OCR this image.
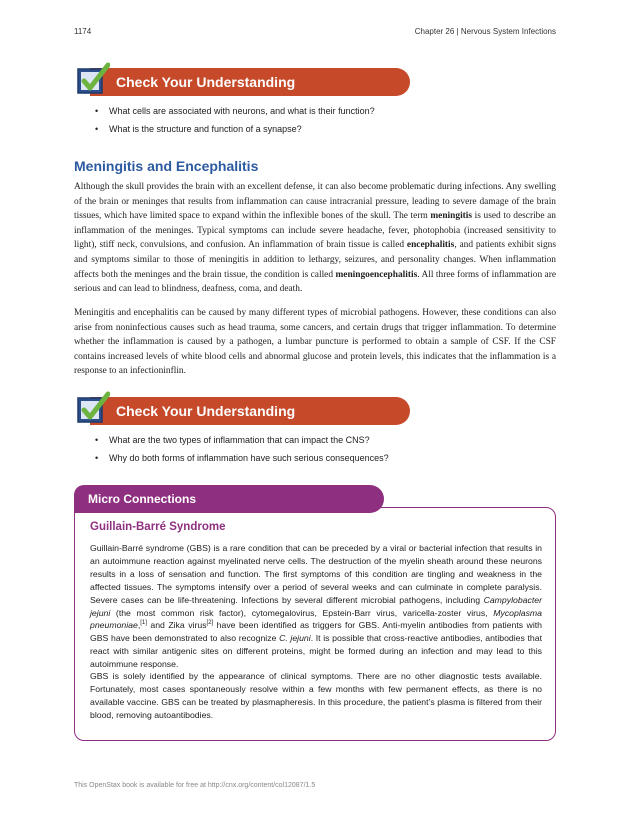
1174	Chapter 26 | Nervous System Infections
Check Your Understanding
• What cells are associated with neurons, and what is their function?
• What is the structure and function of a synapse?
Meningitis and Encephalitis

Although the skull provides the brain with an excellent defense, it can also become problematic during infections. Any swelling of the brain or meninges that results from inflammation can cause intracranial pressure, leading to severe damage of the brain tissues, which have limited space to expand within the inflexible bones of the skull. The term meningitis is used to describe an inflammation of the meninges. Typical symptoms can include severe headache, fever, photophobia (increased sensitivity to light), stiff neck, convulsions, and confusion. An inflammation of brain tissue is called encephalitis, and patients exhibit signs and symptoms similar to those of meningitis in addition to lethargy, seizures, and personality changes. When inflammation affects both the meninges and the brain tissue, the condition is called meningoencephalitis. All three forms of inflammation are serious and can lead to blindness, deafness, coma, and death.

Meningitis and encephalitis can be caused by many different types of microbial pathogens. However, these conditions can also arise from noninfectious causes such as head trauma, some cancers, and certain drugs that trigger inflammation. To determine whether the inflammation is caused by a pathogen, a lumbar puncture is performed to obtain a sample of CSF. If the CSF contains increased levels of white blood cells and abnormal glucose and protein levels, this indicates that the inflammation is a response to an infectioninflin.

Check Your Understanding
• What are the two types of inflammation that can impact the CNS?
• Why do both forms of inflammation have such serious consequences?
Micro Connections
Guillain-Barré Syndrome

Guillain-Barré syndrome (GBS) is a rare condition that can be preceded by a viral or bacterial infection that results in an autoimmune reaction against myelinated nerve cells. The destruction of the myelin sheath around these neurons results in a loss of sensation and function. The first symptoms of this condition are tingling and weakness in the affected tissues. The symptoms intensify over a period of several weeks and can culminate in complete paralysis. Severe cases can be life-threatening. Infections by several different microbial pathogens, including Campylobacter jejuni (the most common risk factor), cytomegalovirus, Epstein-Barr virus, varicella-zoster virus, Mycoplasma pneumoniae,[1] and Zika virus[2] have been identified as triggers for GBS. Anti-myelin antibodies from patients with GBS have been demonstrated to also recognize C. jejuni. It is possible that cross-reactive antibodies, antibodies that react with similar antigenic sites on different proteins, might be formed during an infection and may lead to this autoimmune response.

GBS is solely identified by the appearance of clinical symptoms. There are no other diagnostic tests available. Fortunately, most cases spontaneously resolve within a few months with few permanent effects, as there is no available vaccine. GBS can be treated by plasmapheresis. In this procedure, the patient’s plasma is filtered from their blood, removing autoantibodies.

This OpenStax book is available for free at http://cnx.org/content/col12087/1.5
